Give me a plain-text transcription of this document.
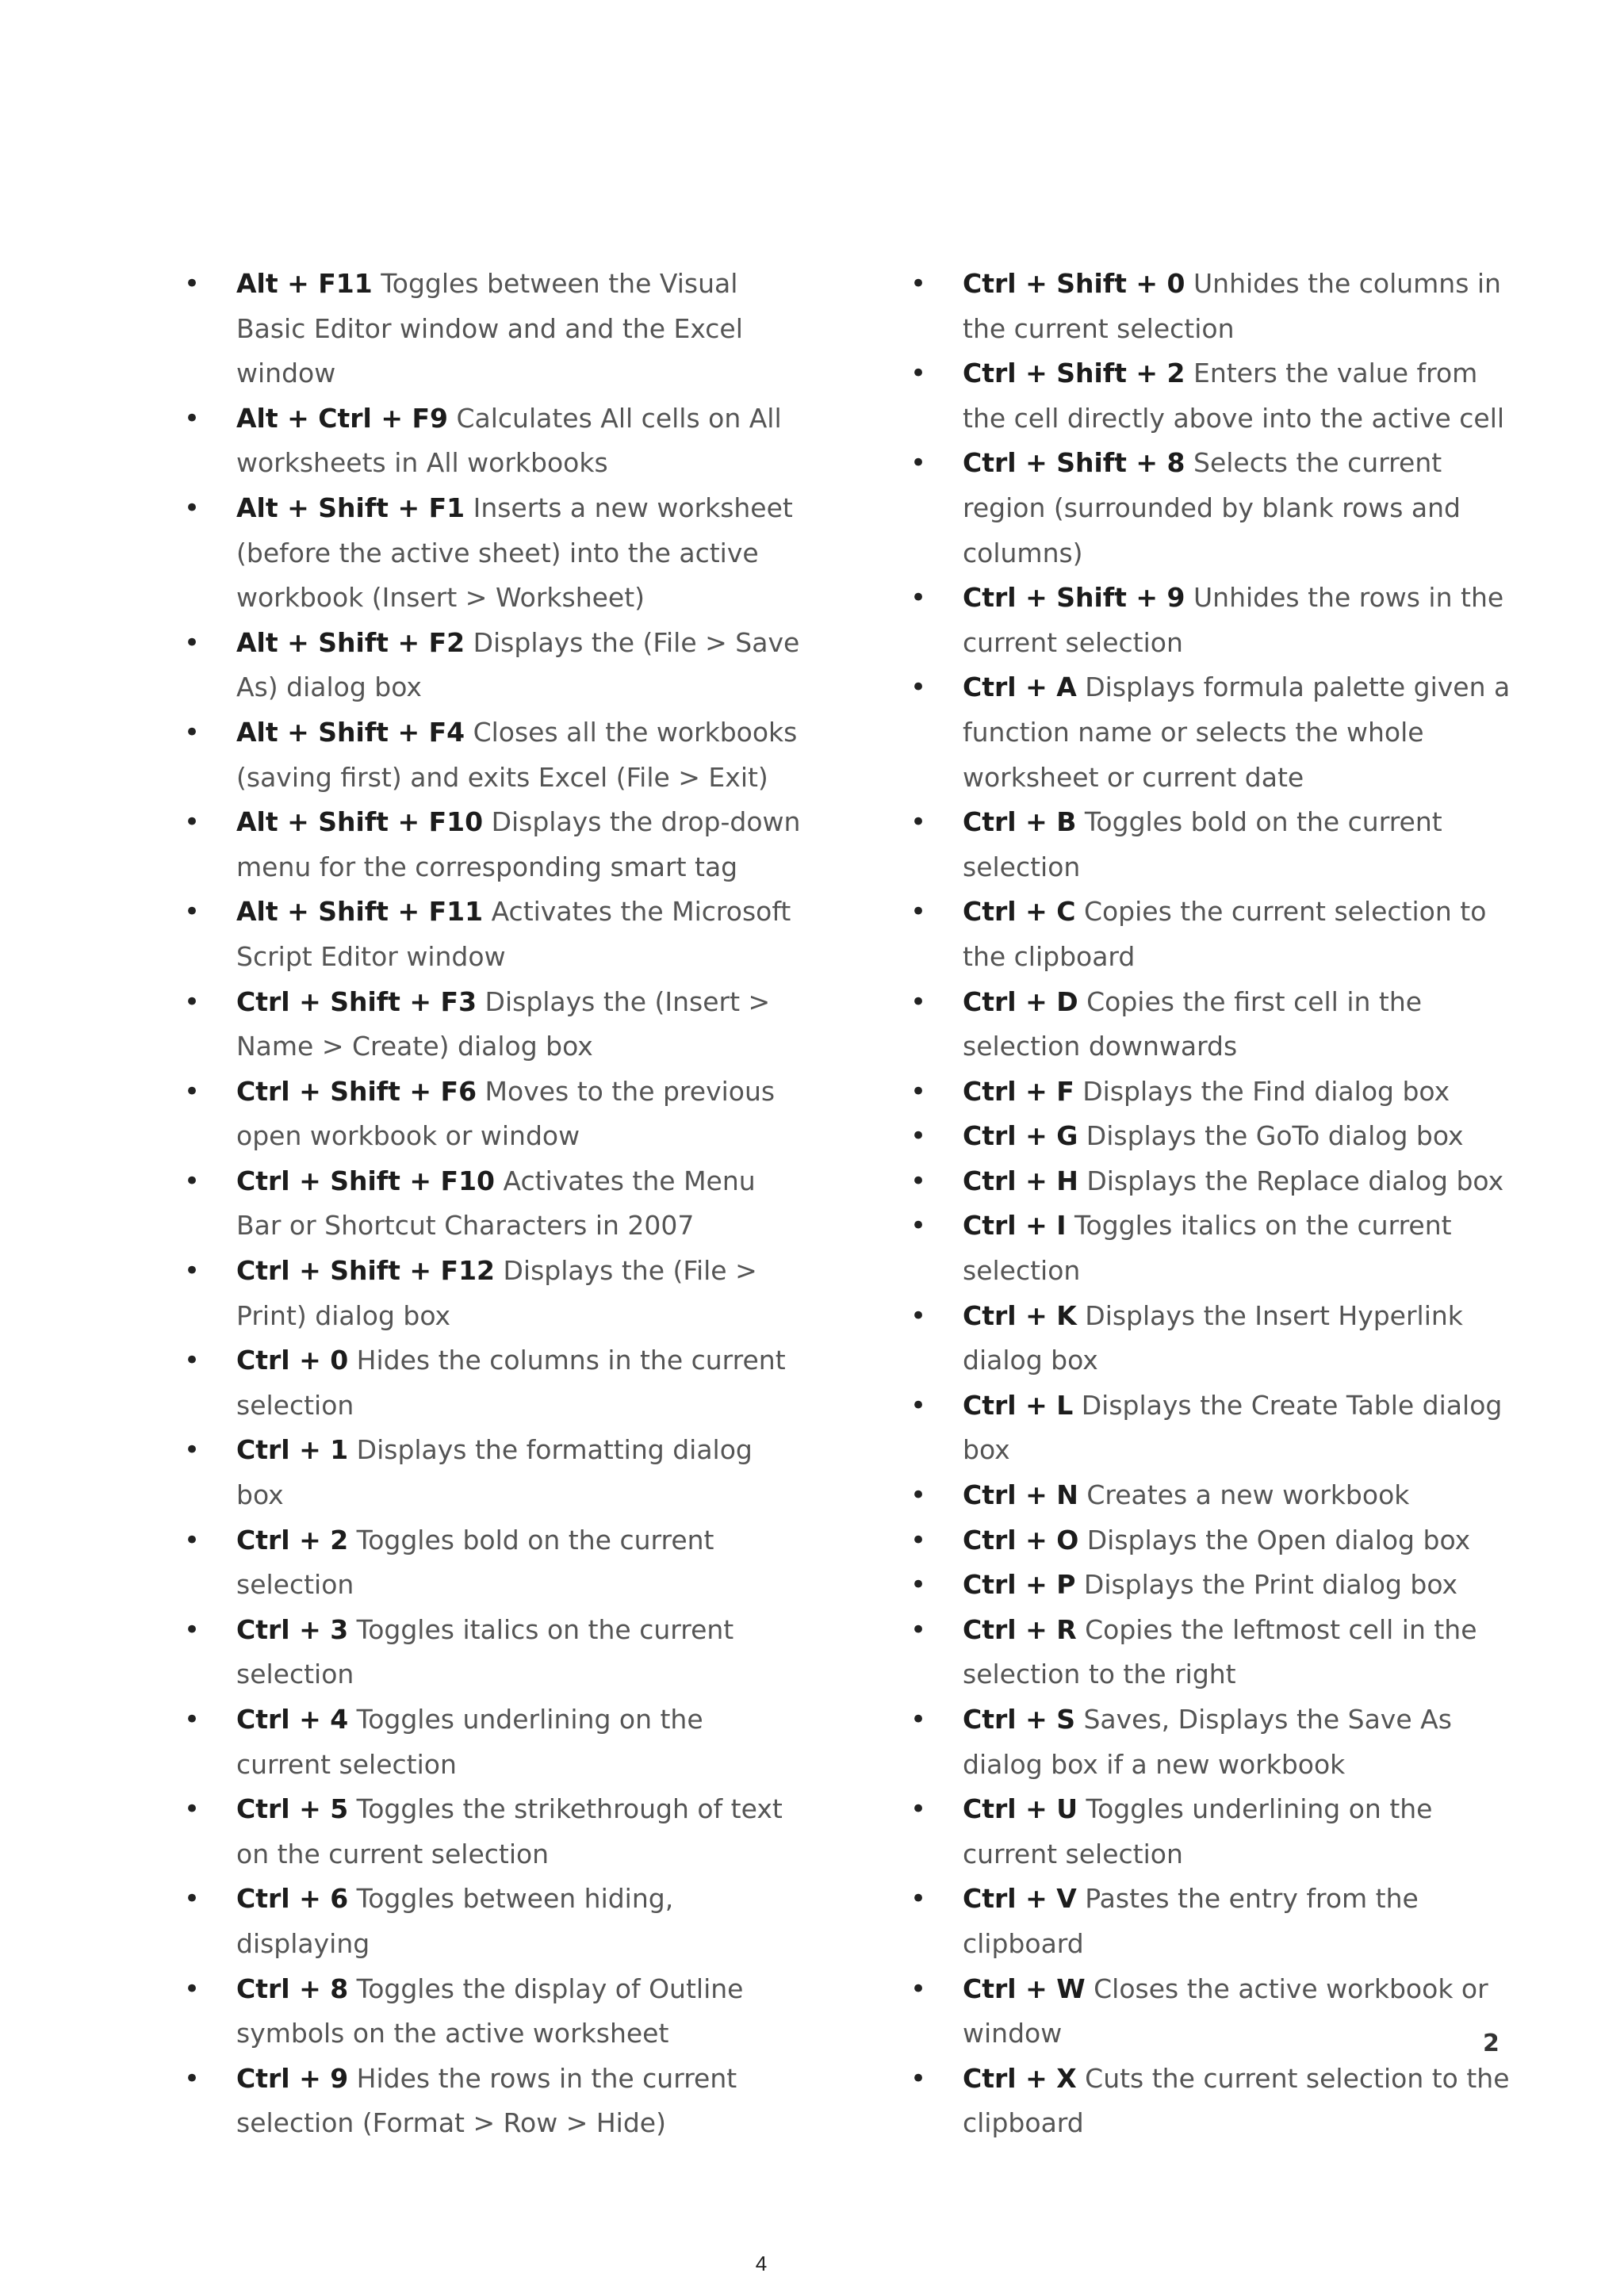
• Alt + F11 Toggles between the Visual Basic Editor window and and the Excel window
• Alt + Ctrl + F9 Calculates All cells on All worksheets in All workbooks
• Alt + Shift + F1 Inserts a new worksheet (before the active sheet) into the active workbook (Insert > Worksheet)
• Alt + Shift + F2 Displays the (File > Save As) dialog box
• Alt + Shift + F4 Closes all the workbooks (saving first) and exits Excel (File > Exit)
• Alt + Shift + F10 Displays the drop-down menu for the corresponding smart tag
• Alt + Shift + F11 Activates the Microsoft Script Editor window
• Ctrl + Shift + F3 Displays the (Insert > Name > Create) dialog box
• Ctrl + Shift + F6 Moves to the previous open workbook or window
• Ctrl + Shift + F10 Activates the Menu Bar or Shortcut Characters in 2007
• Ctrl + Shift + F12 Displays the (File > Print) dialog box
• Ctrl + 0 Hides the columns in the current selection
• Ctrl + 1 Displays the formatting dialog box
• Ctrl + 2 Toggles bold on the current selection
• Ctrl + 3 Toggles italics on the current selection
• Ctrl + 4 Toggles underlining on the current selection
• Ctrl + 5 Toggles the strikethrough of text on the current selection
• Ctrl + 6 Toggles between hiding, displaying
• Ctrl + 8 Toggles the display of Outline symbols on the active worksheet
• Ctrl + 9 Hides the rows in the current selection (Format > Row > Hide)
• Ctrl + Shift + 0 Unhides the columns in the current selection
• Ctrl + Shift + 2 Enters the value from the cell directly above into the active cell
• Ctrl + Shift + 8 Selects the current region (surrounded by blank rows and columns)
• Ctrl + Shift + 9 Unhides the rows in the current selection
• Ctrl + A Displays formula palette given a function name or selects the whole worksheet or current date
• Ctrl + B Toggles bold on the current selection
• Ctrl + C Copies the current selection to the clipboard
• Ctrl + D Copies the first cell in the selection downwards
• Ctrl + F Displays the Find dialog box
• Ctrl + G Displays the GoTo dialog box
• Ctrl + H Displays the Replace dialog box
• Ctrl + I Toggles italics on the current selection
• Ctrl + K Displays the Insert Hyperlink dialog box
• Ctrl + L Displays the Create Table dialog box
• Ctrl + N Creates a new workbook
• Ctrl + O Displays the Open dialog box
• Ctrl + P Displays the Print dialog box
• Ctrl + R Copies the leftmost cell in the selection to the right
• Ctrl + S Saves, Displays the Save As dialog box if a new workbook
• Ctrl + U Toggles underlining on the current selection
• Ctrl + V Pastes the entry from the clipboard
• Ctrl + W Closes the active workbook or window
• Ctrl + X Cuts the current selection to the clipboard
2
4
